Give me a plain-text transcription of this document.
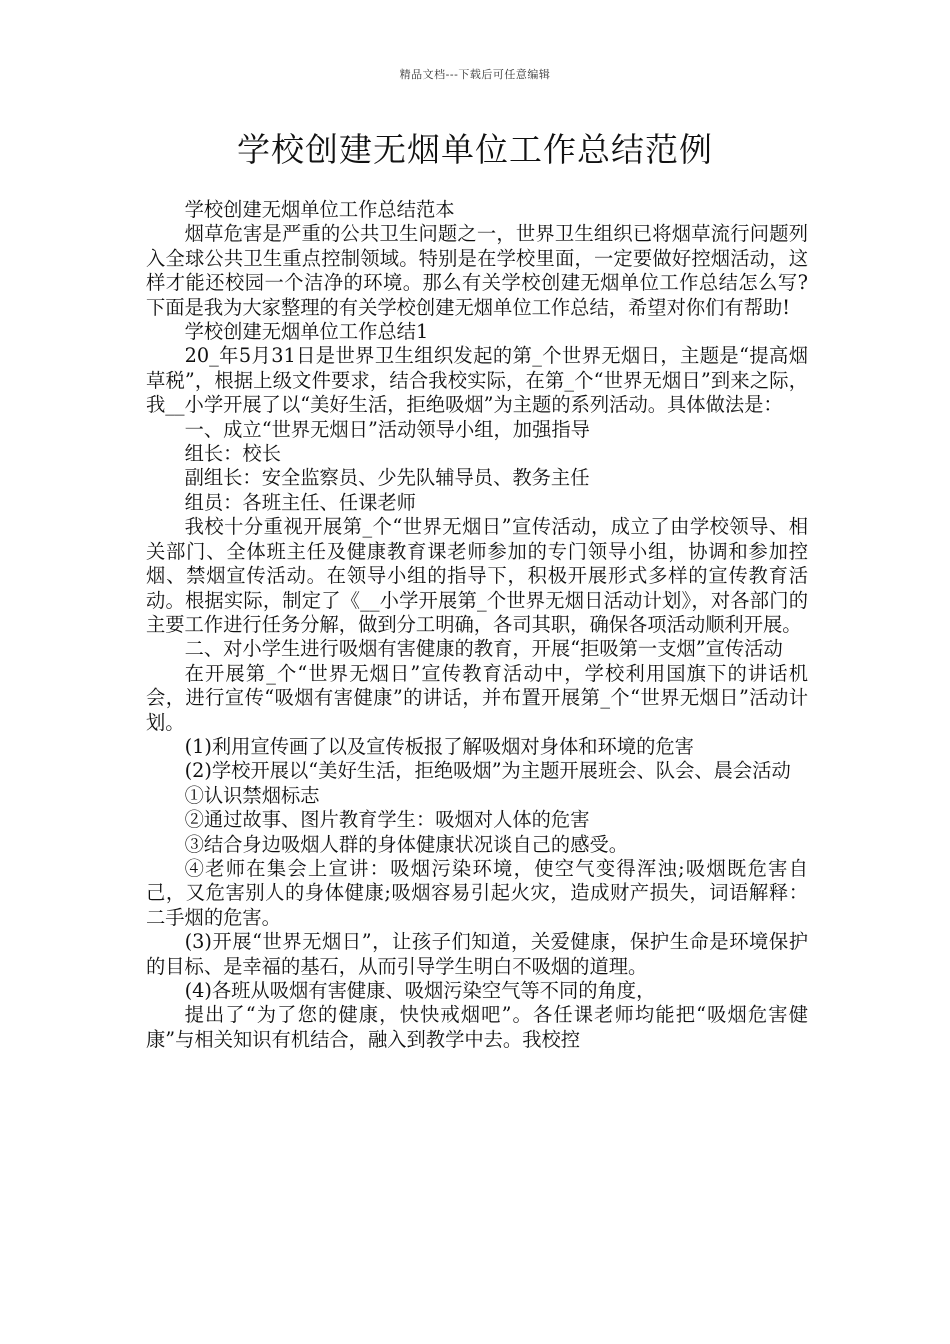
精品文档---下载后可任意编辑
学校创建无烟单位工作总结范例

学校创建无烟单位工作总结范本

烟草危害是严重的公共卫生问题之一，世界卫生组织已将烟草流行问题列入全球公共卫生重点控制领域。特别是在学校里面，一定要做好控烟活动，这样才能还校园一个洁净的环境。那么有关学校创建无烟单位工作总结怎么写?下面是我为大家整理的有关学校创建无烟单位工作总结，希望对你们有帮助!

学校创建无烟单位工作总结1

20_年5月31日是世界卫生组织发起的第_个世界无烟日，主题是“提高烟草税”，根据上级文件要求，结合我校实际，在第_个“世界无烟日”到来之际，我__小学开展了以“美好生活，拒绝吸烟”为主题的系列活动。具体做法是：

一、成立“世界无烟日”活动领导小组，加强指导

组长：校长

副组长：安全监察员、少先队辅导员、教务主任

组员：各班主任、任课老师

我校十分重视开展第_个“世界无烟日”宣传活动，成立了由学校领导、相关部门、全体班主任及健康教育课老师参加的专门领导小组，协调和参加控烟、禁烟宣传活动。在领导小组的指导下，积极开展形式多样的宣传教育活动。根据实际，制定了《__小学开展第_个世界无烟日活动计划》，对各部门的主要工作进行任务分解，做到分工明确，各司其职，确保各项活动顺利开展。

二、对小学生进行吸烟有害健康的教育，开展“拒吸第一支烟”宣传活动

在开展第_个“世界无烟日”宣传教育活动中，学校利用国旗下的讲话机会，进行宣传“吸烟有害健康”的讲话，并布置开展第_个“世界无烟日”活动计划。

(1)利用宣传画了以及宣传板报了解吸烟对身体和环境的危害

(2)学校开展以“美好生活，拒绝吸烟”为主题开展班会、队会、晨会活动

①认识禁烟标志

②通过故事、图片教育学生：吸烟对人体的危害

③结合身边吸烟人群的身体健康状况谈自己的感受。

④老师在集会上宣讲：吸烟污染环境，使空气变得浑浊;吸烟既危害自己，又危害别人的身体健康;吸烟容易引起火灾，造成财产损失，词语解释：二手烟的危害。

(3)开展“世界无烟日”，让孩子们知道，关爱健康，保护生命是环境保护的目标、是幸福的基石，从而引导学生明白不吸烟的道理。

(4)各班从吸烟有害健康、吸烟污染空气等不同的角度，

提出了“为了您的健康，快快戒烟吧”。各任课老师均能把“吸烟危害健康”与相关知识有机结合，融入到教学中去。我校控
